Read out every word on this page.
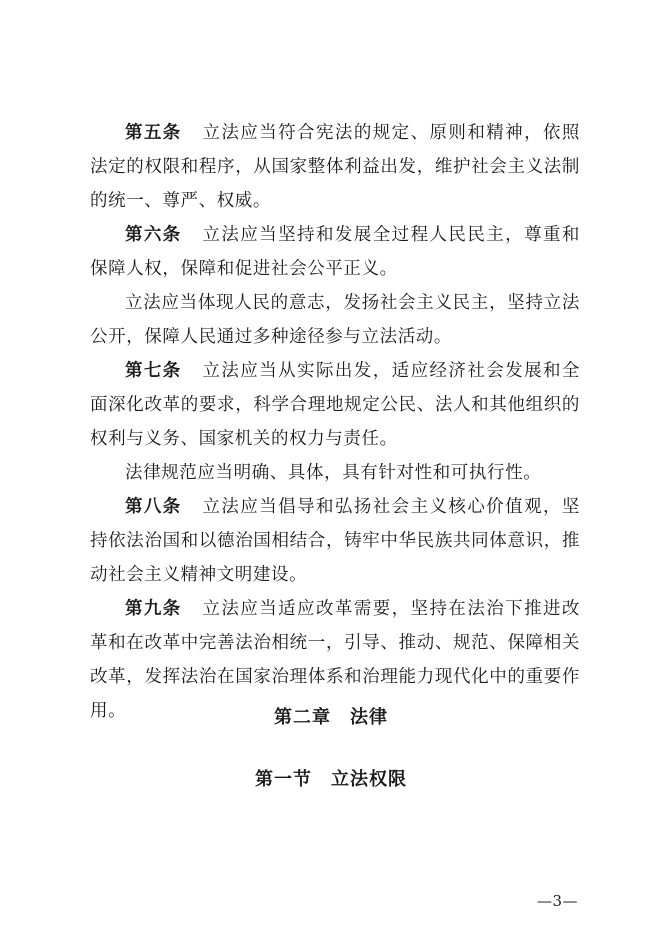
第五条 立法应当符合宪法的规定、原则和精神，依照法定的权限和程序，从国家整体利益出发，维护社会主义法制的统一、尊严、权威。

第六条 立法应当坚持和发展全过程人民民主，尊重和保障人权，保障和促进社会公平正义。

立法应当体现人民的意志，发扬社会主义民主，坚持立法公开，保障人民通过多种途径参与立法活动。

第七条 立法应当从实际出发，适应经济社会发展和全面深化改革的要求，科学合理地规定公民、法人和其他组织的权利与义务、国家机关的权力与责任。

法律规范应当明确、具体，具有针对性和可执行性。

第八条 立法应当倡导和弘扬社会主义核心价值观，坚持依法治国和以德治国相结合，铸牢中华民族共同体意识，推动社会主义精神文明建设。

第九条 立法应当适应改革需要，坚持在法治下推进改革和在改革中完善法治相统一，引导、推动、规范、保障相关改革，发挥法治在国家治理体系和治理能力现代化中的重要作用。	第二章　法律
第一节　立法权限
—3—
